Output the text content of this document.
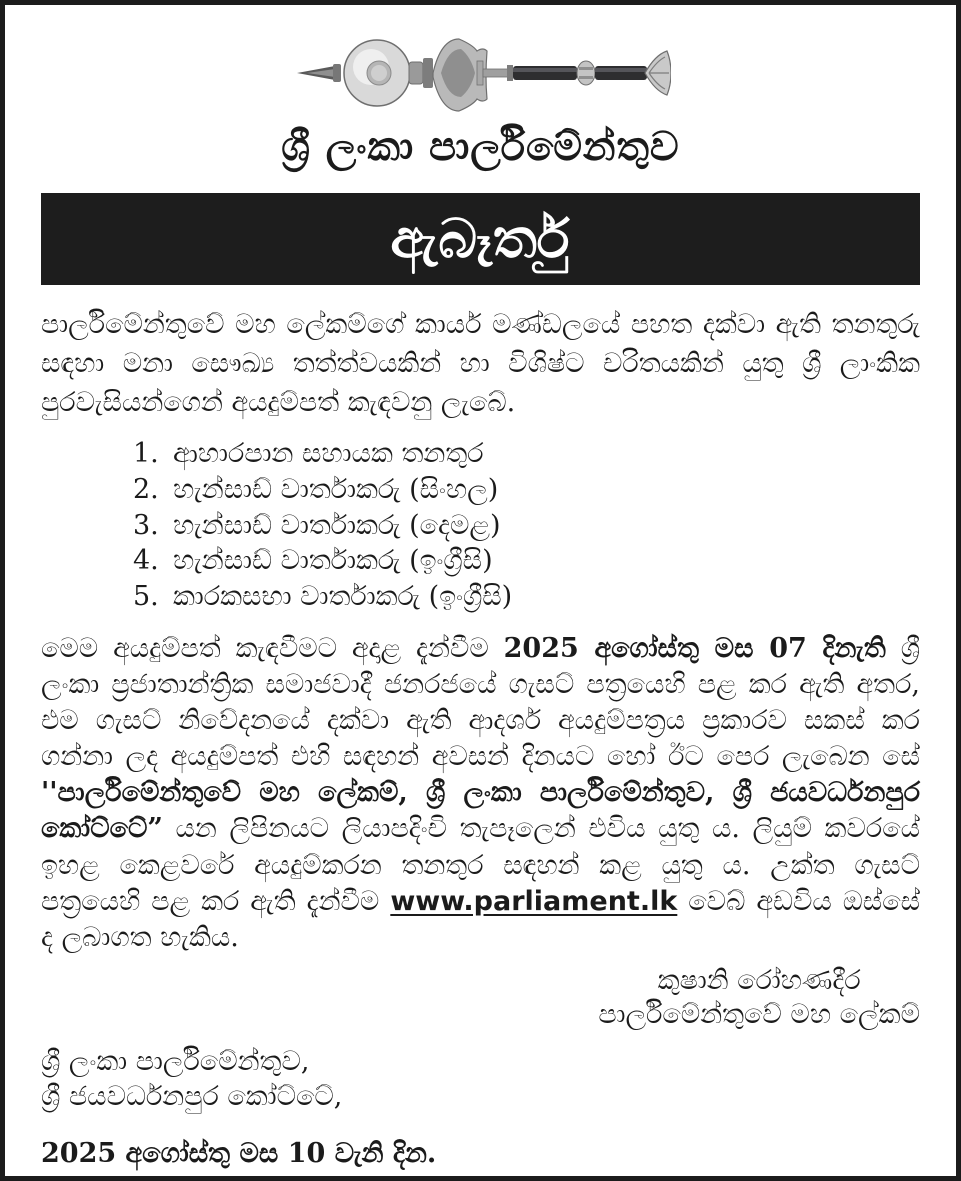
ශ්‍රී ලංකා පාර්ලිමේන්තුව
ඇබෑර්තු

පාර්ලිමේන්තුවේ මහ ලේකම්ගේ කාර්ය මණ්ඩලයේ පහත දක්වා ඇති තනතුරු සඳහා මනා සෞඛ්‍ය තත්ත්වයකින් හා විශිෂ්ට චරිතයකින් යුතු ශ්‍රී ලාංකික පුරවැසියන්ගෙන් අයදුම්පත් කැඳවනු ලැබේ.

1. ආහාරපාන සහායක තනතුර
2. හැන්සාඩ් වාර්තාකරු (සිංහල)
3. හැන්සාඩ් වාර්තාකරු (දෙමළ)
4. හැන්සාඩ් වාර්තාකරු (ඉංග්‍රීසි)
5. කාරකසභා වාර්තාකරු (ඉංග්‍රීසි)

මෙම අයදුම්පත් කැඳවීමට අදාළ දැන්වීම 2025 අගෝස්තු මස 07 දිනැති ශ්‍රී ලංකා ප්‍රජාතාන්ත්‍රික සමාජවාදී ජනරජයේ ගැසට් පත්‍රයෙහි පළ කර ඇති අතර, එම ගැසට් නිවේදනයේ දක්වා ඇති ආදර්ශ අයදුම්පත්‍රය ප්‍රකාරව සකස් කර ගන්නා ලද අයදුම්පත් එහි සඳහන් අවසන් දිනයට හෝ ඊට පෙර ලැබෙන සේ ''පාර්ලිමේන්තුවේ මහ ලේකම්, ශ්‍රී ලංකා පාර්ලිමේන්තුව, ශ්‍රී ජයවර්ධනපුර කෝට්ටේ” යන ලිපිනයට ලියාපදිංචි තැපෑලෙන් එවිය යුතු ය. ලියුම් කවරයේ ඉහළ කෙළවරේ අයදුම්කරන තනතුර සඳහන් කළ යුතු ය. උක්ත ගැසට් පත්‍රයෙහි පළ කර ඇති දැන්වීම www.parliament.lk වෙබ් අඩවිය ඔස්සේ ද ලබාගත හැකිය.

කුෂානි රෝහණදීර
පාර්ලිමේන්තුවේ මහ ලේකම්
ශ්‍රී ලංකා පාර්ලිමේන්තුව,
ශ්‍රී ජයවර්ධනපුර කෝට්ටේ,
2025 අගෝස්තු මස 10 වැනි දින.
